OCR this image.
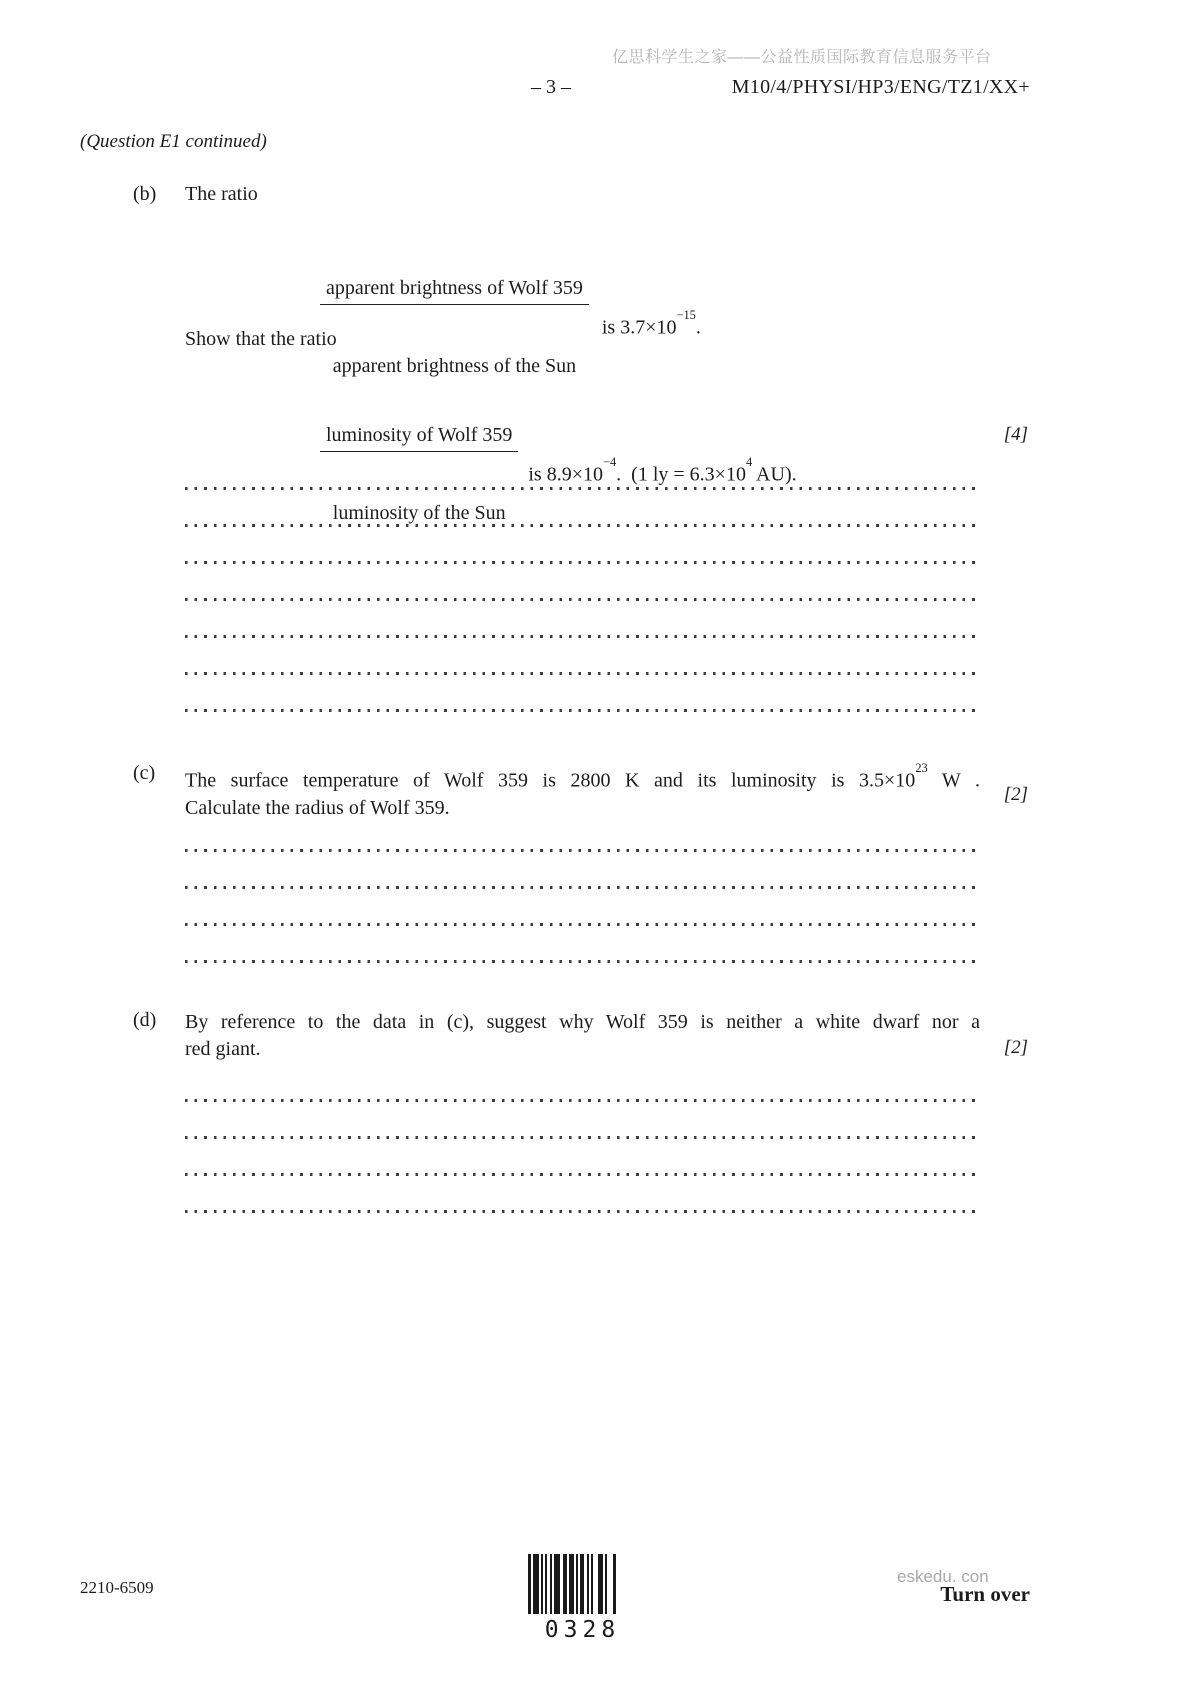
亿思科学生之家——公益性质国际教育信息服务平台
– 3 –	M10/4/PHYSI/HP3/ENG/TZ1/XX+
(Question E1 continued)
(b) The ratio

$\frac{\text{apparent brightness of Wolf 359}}{\text{apparent brightness of the Sun}}$

is $3.7\times 10^{-15}$.
Show that the ratio

$\frac{\text{luminosity of Wolf 359}}{\text{luminosity of the Sun}}$

is $8.9\times 10^{-4}$.  (1 ly = $6.3\times 10^4$ AU).
[4]
(c) The surface temperature of Wolf 359 is 2800 K and its luminosity is $3.5\times 10^{23}$ W .
Calculate the radius of Wolf 359.
[2]
(d) By reference to the data in (c), suggest why Wolf 359 is neither a white dwarf nor a
red giant.	[2]
2210-6509
0328
eskedu. con
Turn over
